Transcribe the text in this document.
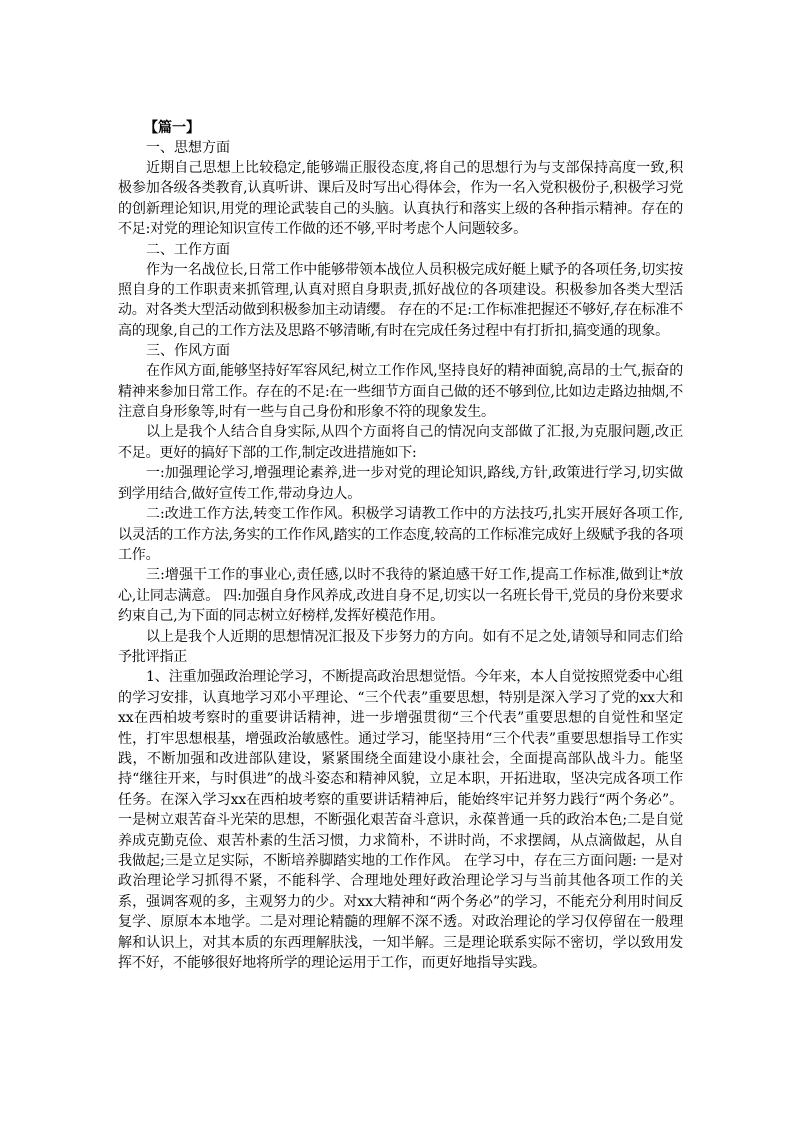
【篇一】
一、思想方面

近期自己思想上比较稳定,能够端正服役态度,将自己的思想行为与支部保持高度一致,积极参加各级各类教育,认真听讲、课后及时写出心得体会，作为一名入党积极份子,积极学习党的创新理论知识,用党的理论武装自己的头脑。认真执行和落实上级的各种指示精神。存在的不足:对党的理论知识宣传工作做的还不够,平时考虑个人问题较多。

二、工作方面

作为一名战位长,日常工作中能够带领本战位人员积极完成好艇上赋予的各项任务,切实按照自身的工作职责来抓管理,认真对照自身职责,抓好战位的各项建设。积极参加各类大型活动。对各类大型活动做到积极参加主动请缨。 存在的不足:工作标准把握还不够好,存在标准不高的现象,自己的工作方法及思路不够清晰,有时在完成任务过程中有打折扣,搞变通的现象。

三、作风方面

在作风方面,能够坚持好军容风纪,树立工作作风,坚持良好的精神面貌,高昂的士气,振奋的精神来参加日常工作。存在的不足:在一些细节方面自己做的还不够到位,比如边走路边抽烟,不注意自身形象等,时有一些与自己身份和形象不符的现象发生。

以上是我个人结合自身实际,从四个方面将自己的情况向支部做了汇报,为克服问题,改正不足。更好的搞好下部的工作,制定改进措施如下:

一:加强理论学习,增强理论素养,进一步对党的理论知识,路线,方针,政策进行学习,切实做到学用结合,做好宣传工作,带动身边人。

二:改进工作方法,转变工作作风。积极学习请教工作中的方法技巧,扎实开展好各项工作,以灵活的工作方法,务实的工作作风,踏实的工作态度,较高的工作标准完成好上级赋予我的各项工作。

三:增强干工作的事业心,责任感,以时不我待的紧迫感干好工作,提高工作标准,做到让*放心,让同志满意。 四:加强自身作风养成,改进自身不足,切实以一名班长骨干,党员的身份来要求约束自己,为下面的同志树立好榜样,发挥好模范作用。

以上是我个人近期的思想情况汇报及下步努力的方向。如有不足之处,请领导和同志们给予批评指正

1、注重加强政治理论学习，不断提高政治思想觉悟。今年来，本人自觉按照党委中心组的学习安排，认真地学习邓小平理论、“三个代表”重要思想，特别是深入学习了党的xx大和xx在西柏坡考察时的重要讲话精神，进一步增强贯彻“三个代表”重要思想的自觉性和坚定性，打牢思想根基，增强政治敏感性。通过学习，能坚持用“三个代表”重要思想指导工作实践，不断加强和改进部队建设，紧紧围绕全面建设小康社会，全面提高部队战斗力。能坚持“继往开来，与时俱进”的战斗姿态和精神风貌，立足本职，开拓进取，坚决完成各项工作任务。在深入学习xx在西柏坡考察的重要讲话精神后，能始终牢记并努力践行“两个务必”。一是树立艰苦奋斗光荣的思想，不断强化艰苦奋斗意识，永葆普通一兵的政治本色;二是自觉养成克勤克俭、艰苦朴素的生活习惯，力求简朴，不讲时尚，不求摆阔，从点滴做起，从自我做起;三是立足实际，不断培养脚踏实地的工作作风。 在学习中，存在三方面问题: 一是对政治理论学习抓得不紧，不能科学、合理地处理好政治理论学习与当前其他各项工作的关系，强调客观的多，主观努力的少。对xx大精神和“两个务必”的学习，不能充分利用时间反复学、原原本本地学。二是对理论精髓的理解不深不透。对政治理论的学习仅停留在一般理解和认识上，对其本质的东西理解肤浅，一知半解。三是理论联系实际不密切，学以致用发挥不好，不能够很好地将所学的理论运用于工作，而更好地指导实践。
